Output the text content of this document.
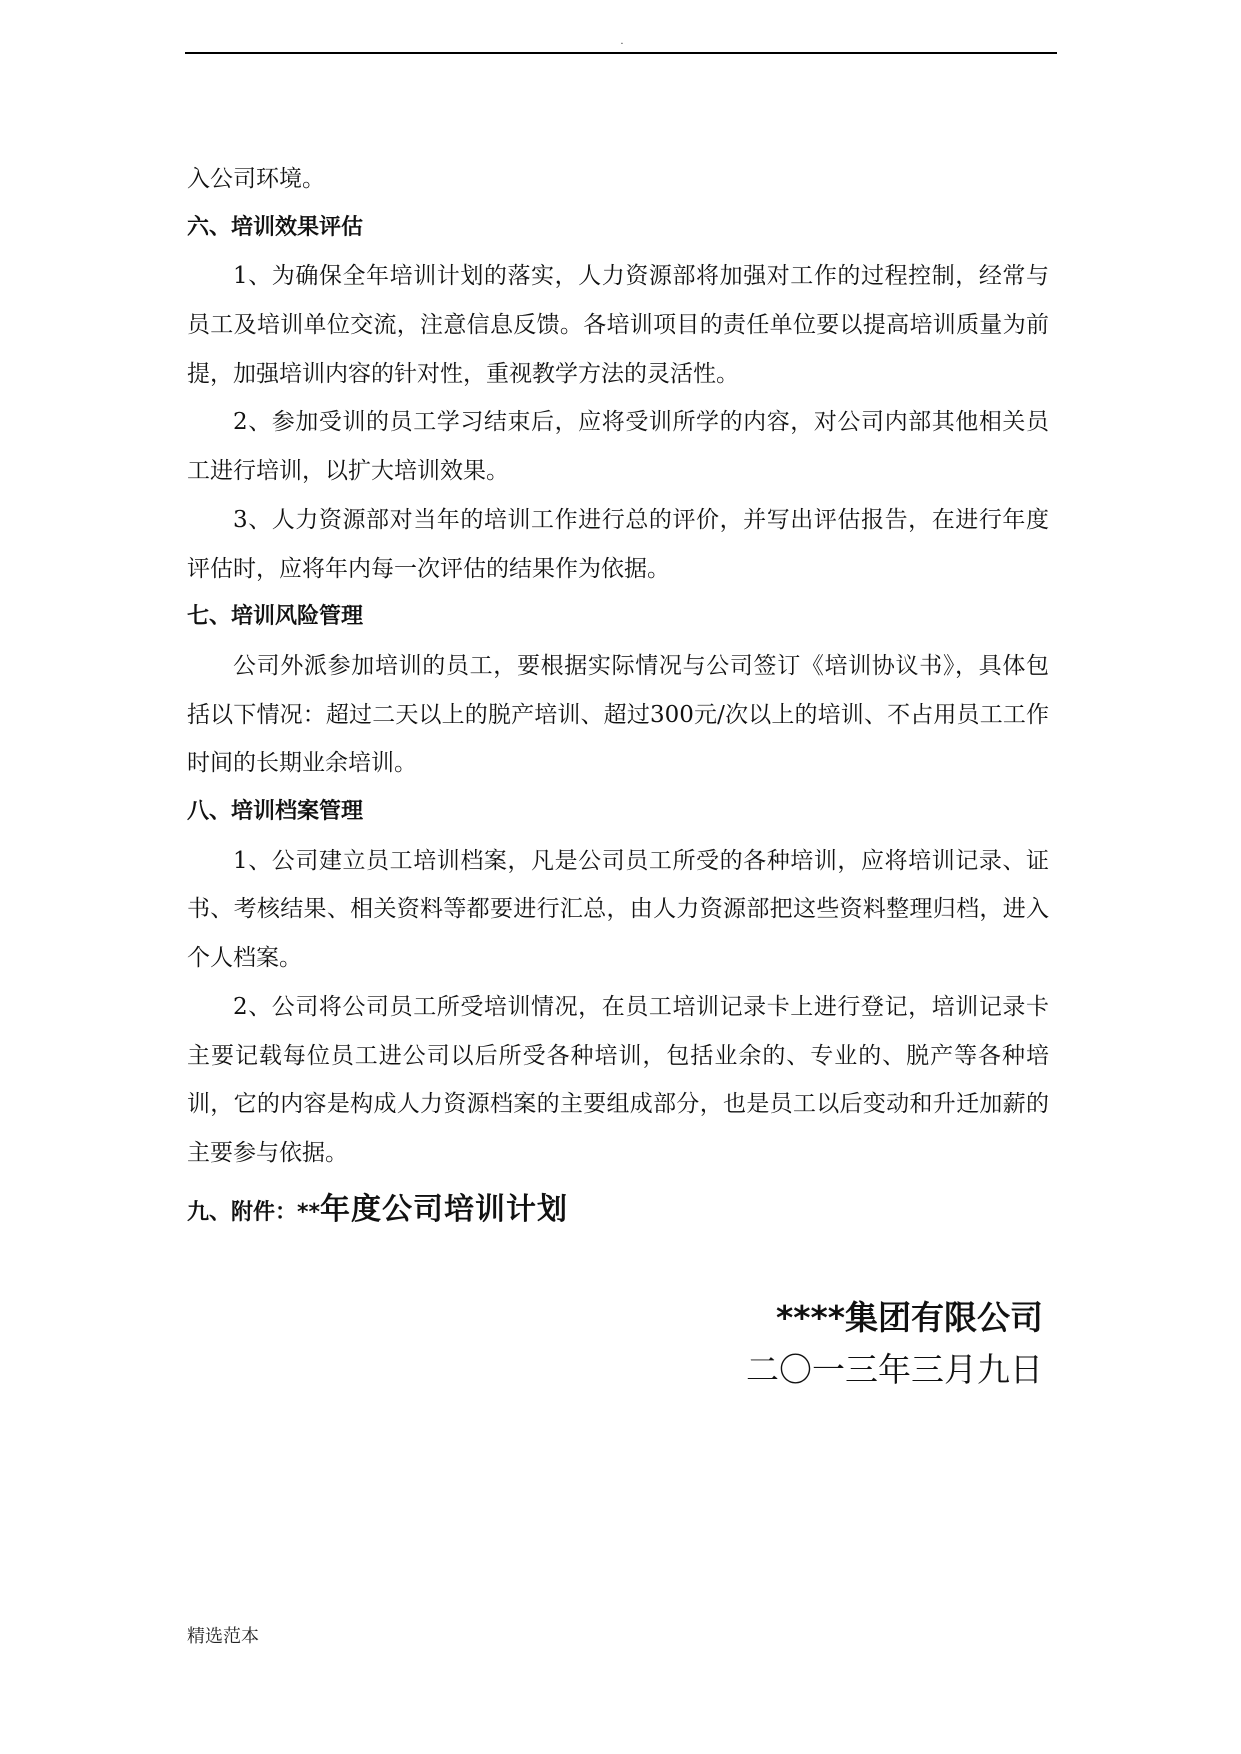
.
入公司环境。
六、培训效果评估

1、为确保全年培训计划的落实，人力资源部将加强对工作的过程控制，经常与员工及培训单位交流，注意信息反馈。各培训项目的责任单位要以提高培训质量为前提，加强培训内容的针对性，重视教学方法的灵活性。

2、参加受训的员工学习结束后，应将受训所学的内容，对公司内部其他相关员工进行培训，以扩大培训效果。

3、人力资源部对当年的培训工作进行总的评价，并写出评估报告，在进行年度评估时，应将年内每一次评估的结果作为依据。

七、培训风险管理

公司外派参加培训的员工，要根据实际情况与公司签订《培训协议书》，具体包括以下情况：超过二天以上的脱产培训、超过300元/次以上的培训、不占用员工工作时间的长期业余培训。

八、培训档案管理

1、公司建立员工培训档案，凡是公司员工所受的各种培训，应将培训记录、证书、考核结果、相关资料等都要进行汇总，由人力资源部把这些资料整理归档，进入个人档案。

2、公司将公司员工所受培训情况，在员工培训记录卡上进行登记，培训记录卡主要记载每位员工进公司以后所受各种培训，包括业余的、专业的、脱产等各种培训，它的内容是构成人力资源档案的主要组成部分，也是员工以后变动和升迁加薪的主要参与依据。

九、附件：**年度公司培训计划
****集团有限公司
二〇一三年三月九日
精选范本
